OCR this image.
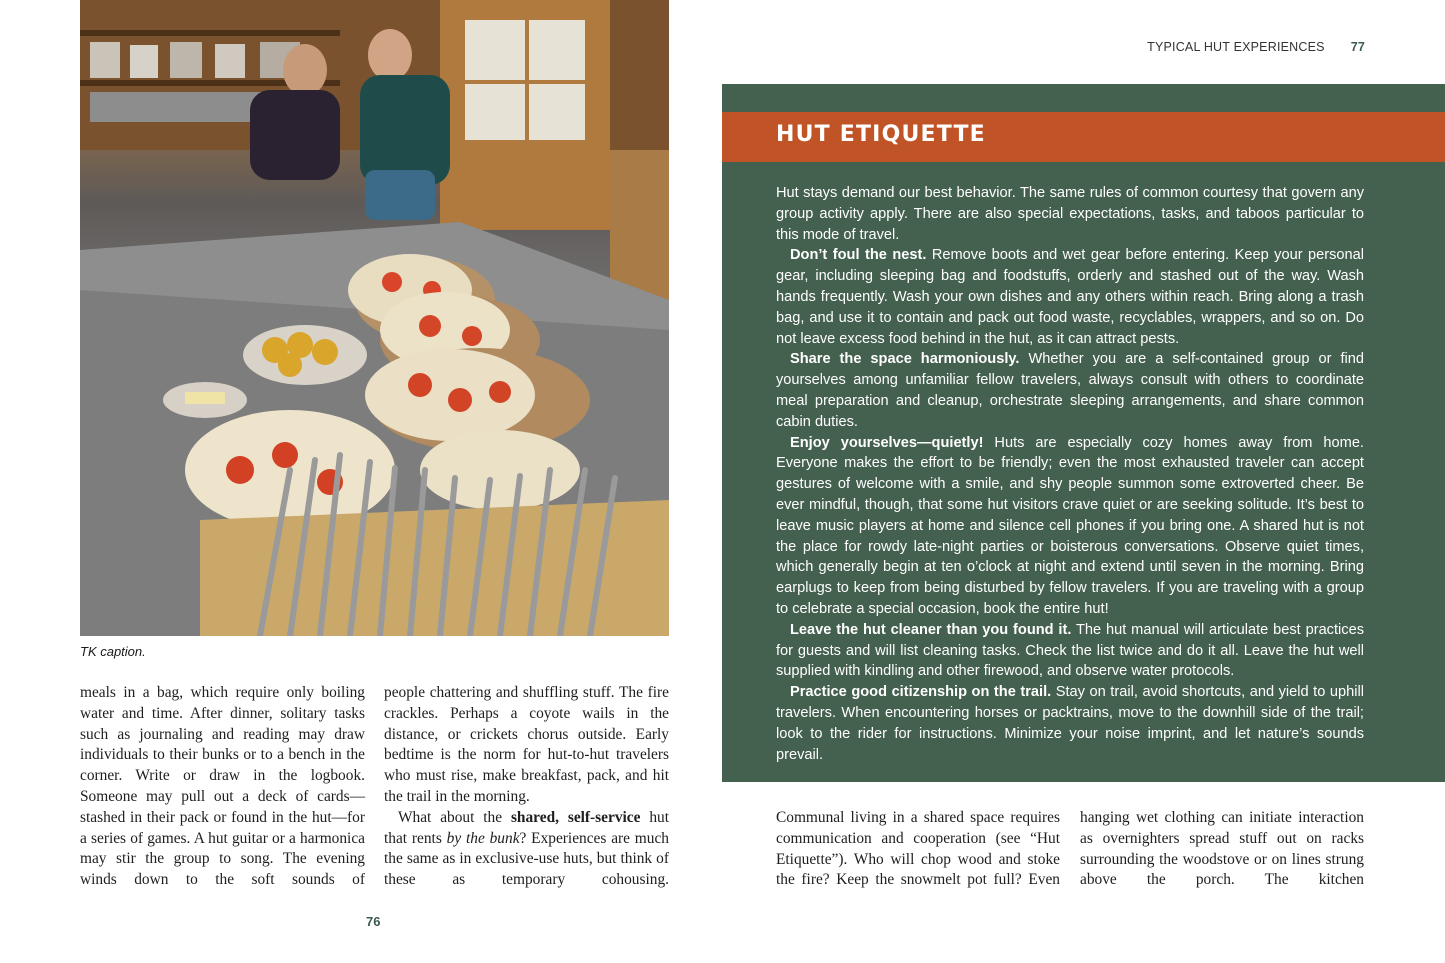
TK caption.

meals in a bag, which require only boiling water and time. After dinner, solitary tasks such as journaling and reading may draw individuals to their bunks or to a bench in the corner. Write or draw in the logbook. Someone may pull out a deck of cards—stashed in their pack or found in the hut—for a series of games. A hut guitar or a harmonica may stir the group to song. The evening winds down to the soft sounds of

people chattering and shuffling stuff. The fire crackles. Perhaps a coyote wails in the distance, or crickets chorus outside. Early bedtime is the norm for hut-to-hut travelers who must rise, make breakfast, pack, and hit the trail in the morning.

What about the shared, self-service hut that rents by the bunk? Experiences are much the same as in exclusive-use huts, but think of these as temporary cohousing.

76
TYPICAL HUT EXPERIENCES 77
HUT ETIQUETTE

Hut stays demand our best behavior. The same rules of common courtesy that govern any group activity apply. There are also special expectations, tasks, and taboos particular to this mode of travel.

Don’t foul the nest. Remove boots and wet gear before entering. Keep your personal gear, including sleeping bag and foodstuffs, orderly and stashed out of the way. Wash hands frequently. Wash your own dishes and any others within reach. Bring along a trash bag, and use it to contain and pack out food waste, recyclables, wrappers, and so on. Do not leave excess food behind in the hut, as it can attract pests.

Share the space harmoniously. Whether you are a self-contained group or find yourselves among unfamiliar fellow travelers, always consult with others to coordinate meal preparation and cleanup, orchestrate sleeping arrangements, and share common cabin duties.

Enjoy yourselves—quietly! Huts are especially cozy homes away from home. Everyone makes the effort to be friendly; even the most exhausted traveler can accept gestures of welcome with a smile, and shy people summon some extroverted cheer. Be ever mindful, though, that some hut visitors crave quiet or are seeking solitude. It’s best to leave music players at home and silence cell phones if you bring one. A shared hut is not the place for rowdy late-night parties or boisterous conversations. Observe quiet times, which generally begin at ten o’clock at night and extend until seven in the morning. Bring earplugs to keep from being disturbed by fellow travelers. If you are traveling with a group to celebrate a special occasion, book the entire hut!

Leave the hut cleaner than you found it. The hut manual will articulate best practices for guests and will list cleaning tasks. Check the list twice and do it all. Leave the hut well supplied with kindling and other firewood, and observe water protocols.

Practice good citizenship on the trail. Stay on trail, avoid shortcuts, and yield to uphill travelers. When encountering horses or packtrains, move to the downhill side of the trail; look to the rider for instructions. Minimize your noise imprint, and let nature’s sounds prevail.

Communal living in a shared space requires communication and cooperation (see “Hut Etiquette”). Who will chop wood and stoke the fire? Keep the snowmelt pot full? Even

hanging wet clothing can initiate interaction as overnighters spread stuff out on racks surrounding the woodstove or on lines strung above the porch. The kitchen
